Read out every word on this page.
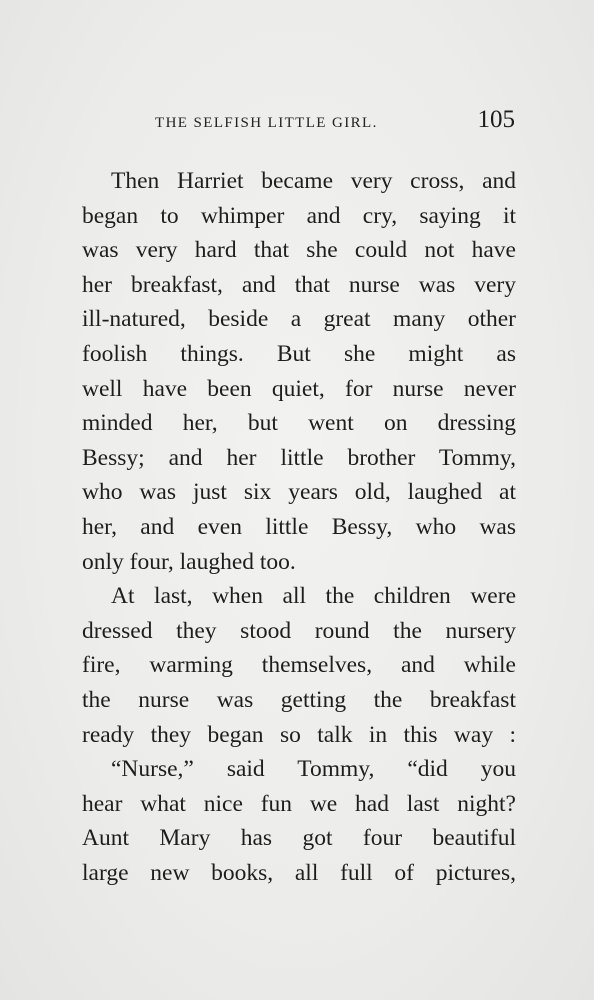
THE SELFISH LITTLE GIRL.	105
Then Harriet became very cross, and
began to whimper and cry, saying it
was very hard that she could not have
her breakfast, and that nurse was very
ill-natured, beside a great many other
foolish things. But she might as
well have been quiet, for nurse never
minded her, but went on dressing
Bessy; and her little brother Tommy,
who was just six years old, laughed at
her, and even little Bessy, who was
only four, laughed too.
At last, when all the children were
dressed they stood round the nursery
fire, warming themselves, and while
the nurse was getting the breakfast
ready they began so talk in this way :
“Nurse,” said Tommy, “did you
hear what nice fun we had last night?
Aunt Mary has got four beautiful
large new books, all full of pictures,
